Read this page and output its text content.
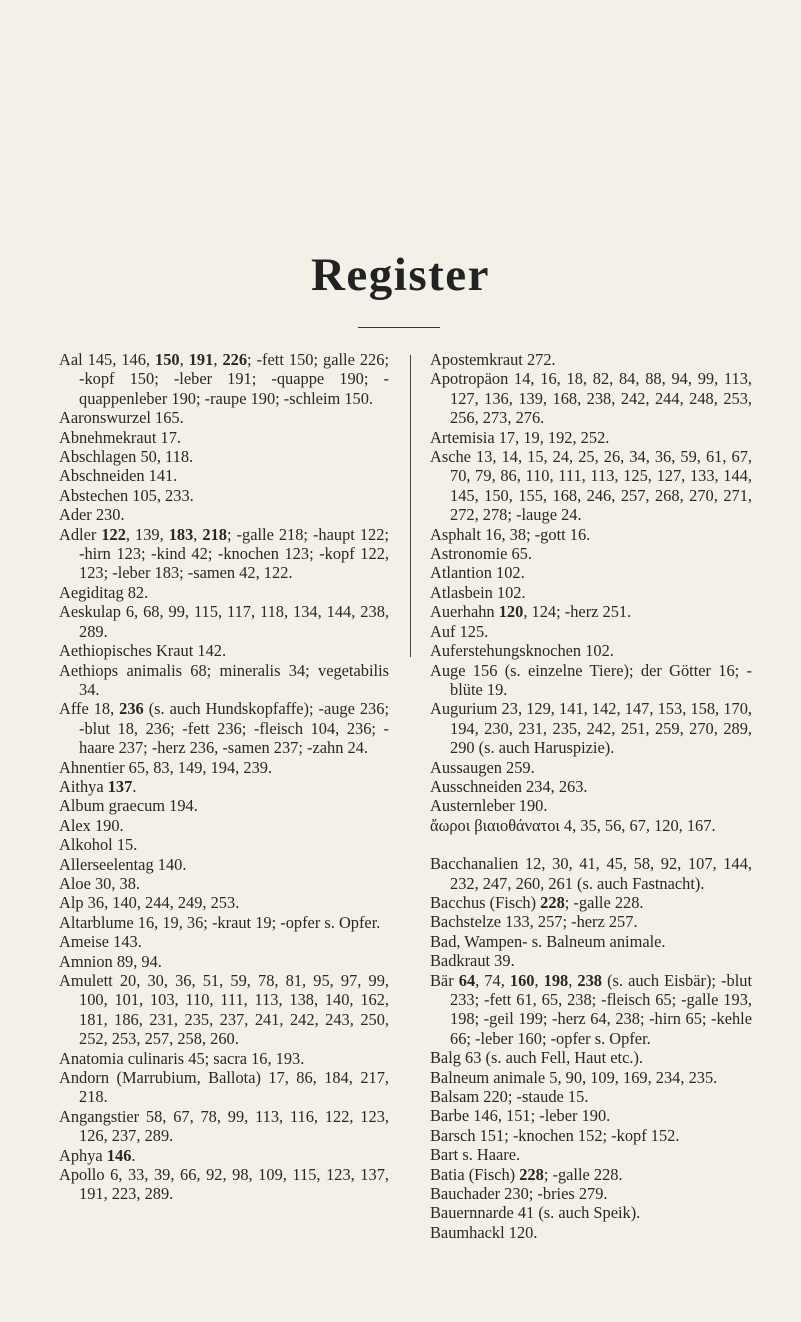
Register

Aal 145, 146, 150, 191, 226; -fett 150; galle 226; -kopf 150; -leber 191; -quappe 190; -quappenleber 190; -raupe 190; -schleim 150.

Aaronswurzel 165.

Abnehmekraut 17.

Abschlagen 50, 118.

Abschneiden 141.

Abstechen 105, 233.

Ader 230.

Adler 122, 139, 183, 218; -galle 218; -haupt 122; -hirn 123; -kind 42; -knochen 123; -kopf 122, 123; -leber 183; -samen 42, 122.

Aegiditag 82.

Aeskulap 6, 68, 99, 115, 117, 118, 134, 144, 238, 289.

Aethiopisches Kraut 142.

Aethiops animalis 68; mineralis 34; vegetabilis 34.

Affe 18, 236 (s. auch Hundskopfaffe); -auge 236; -blut 18, 236; -fett 236; -fleisch 104, 236; -haare 237; -herz 236, -samen 237; -zahn 24.

Ahnentier 65, 83, 149, 194, 239.

Aithya 137.

Album graecum 194.

Alex 190.

Alkohol 15.

Allerseelentag 140.

Aloe 30, 38.

Alp 36, 140, 244, 249, 253.

Altarblume 16, 19, 36; -kraut 19; -opfer s. Opfer.

Ameise 143.

Amnion 89, 94.

Amulett 20, 30, 36, 51, 59, 78, 81, 95, 97, 99, 100, 101, 103, 110, 111, 113, 138, 140, 162, 181, 186, 231, 235, 237, 241, 242, 243, 250, 252, 253, 257, 258, 260.

Anatomia culinaris 45; sacra 16, 193.

Andorn (Marrubium, Ballota) 17, 86, 184, 217, 218.

Angangstier 58, 67, 78, 99, 113, 116, 122, 123, 126, 237, 289.

Aphya 146.

Apollo 6, 33, 39, 66, 92, 98, 109, 115, 123, 137, 191, 223, 289.

Apostemkraut 272.

Apotropäon 14, 16, 18, 82, 84, 88, 94, 99, 113, 127, 136, 139, 168, 238, 242, 244, 248, 253, 256, 273, 276.

Artemisia 17, 19, 192, 252.

Asche 13, 14, 15, 24, 25, 26, 34, 36, 59, 61, 67, 70, 79, 86, 110, 111, 113, 125, 127, 133, 144, 145, 150, 155, 168, 246, 257, 268, 270, 271, 272, 278; -lauge 24.

Asphalt 16, 38; -gott 16.

Astronomie 65.

Atlantion 102.

Atlasbein 102.

Auerhahn 120, 124; -herz 251.

Auf 125.

Auferstehungsknochen 102.

Auge 156 (s. einzelne Tiere); der Götter 16; -blüte 19.

Augurium 23, 129, 141, 142, 147, 153, 158, 170, 194, 230, 231, 235, 242, 251, 259, 270, 289, 290 (s. auch Haruspizie).

Aussaugen 259.

Ausschneiden 234, 263.

Austernleber 190.

ἄωροι βιαιοθάνατοι 4, 35, 56, 67, 120, 167.

Bacchanalien 12, 30, 41, 45, 58, 92, 107, 144, 232, 247, 260, 261 (s. auch Fastnacht).

Bacchus (Fisch) 228; -galle 228.

Bachstelze 133, 257; -herz 257.

Bad, Wampen- s. Balneum animale.

Badkraut 39.

Bär 64, 74, 160, 198, 238 (s. auch Eisbär); -blut 233; -fett 61, 65, 238; -fleisch 65; -galle 193, 198; -geil 199; -herz 64, 238; -hirn 65; -kehle 66; -leber 160; -opfer s. Opfer.

Balg 63 (s. auch Fell, Haut etc.).

Balneum animale 5, 90, 109, 169, 234, 235.

Balsam 220; -staude 15.

Barbe 146, 151; -leber 190.

Barsch 151; -knochen 152; -kopf 152.

Bart s. Haare.

Batia (Fisch) 228; -galle 228.

Bauchader 230; -bries 279.

Bauernnarde 41 (s. auch Speik).

Baumhackl 120.
